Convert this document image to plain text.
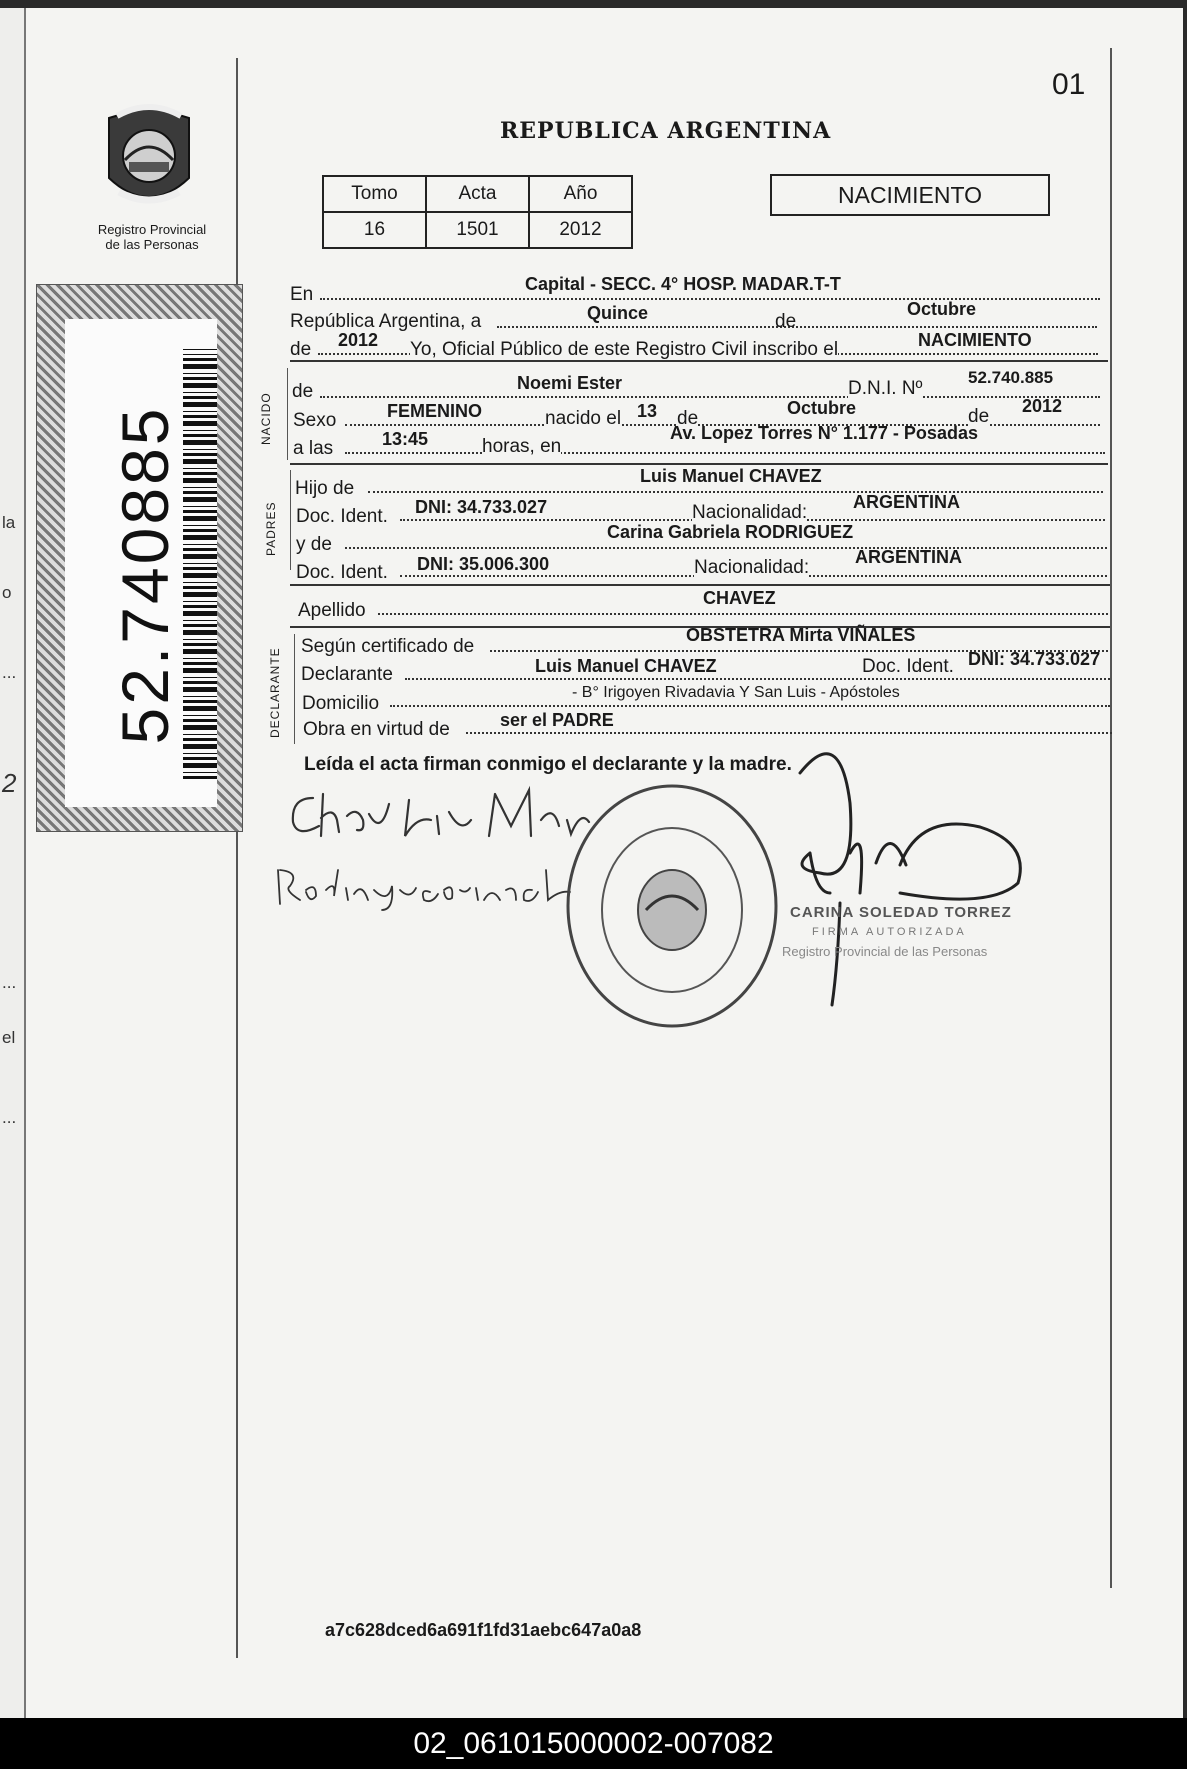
la
o
...
2
...
el
...
Registro Provincial
de las Personas
52.740885
01
REPUBLICA ARGENTINA
Tomo	Acta	Año
16	1501	2012
NACIMIENTO
En	Capital - SECC. 4° HOSP. MADAR.T-T
República Argentina, a	Quince	de
Octubre
de 2012 Yo, Oficial Público de este Registro Civil inscribo el	NACIMIENTO
NACIDO
de	Noemi Ester	D.N.I. Nº
52.740.885
Sexo	FEMENINO	nacido el 13 de	Octubre	de 2012
a las	13:45	horas, en
Av. Lopez Torres N° 1.177 - Posadas
PADRES
Hijo de
Luis Manuel CHAVEZ
Doc. Ident. DNI: 34.733.027	Nacionalidad:	ARGENTINA
y de
Carina Gabriela RODRIGUEZ
Doc. Ident. DNI: 35.006.300	Nacionalidad:	ARGENTINA
Apellido
CHAVEZ
DECLARANTE
Según certificado de
OBSTETRA Mirta VIÑALES
Declarante	Luis Manuel CHAVEZ	Doc. Ident. DNI: 34.733.027
Domicilio
- B° Irigoyen Rivadavia Y San Luis - Apóstoles
Obra en virtud de	ser el PADRE
Leída el acta firman conmigo el declarante y la madre.
CARINA SOLEDAD TORREZ
FIRMA AUTORIZADA
Registro Provincial de las Personas
a7c628dced6a691f1fd31aebc647a0a8
02_061015000002-007082
